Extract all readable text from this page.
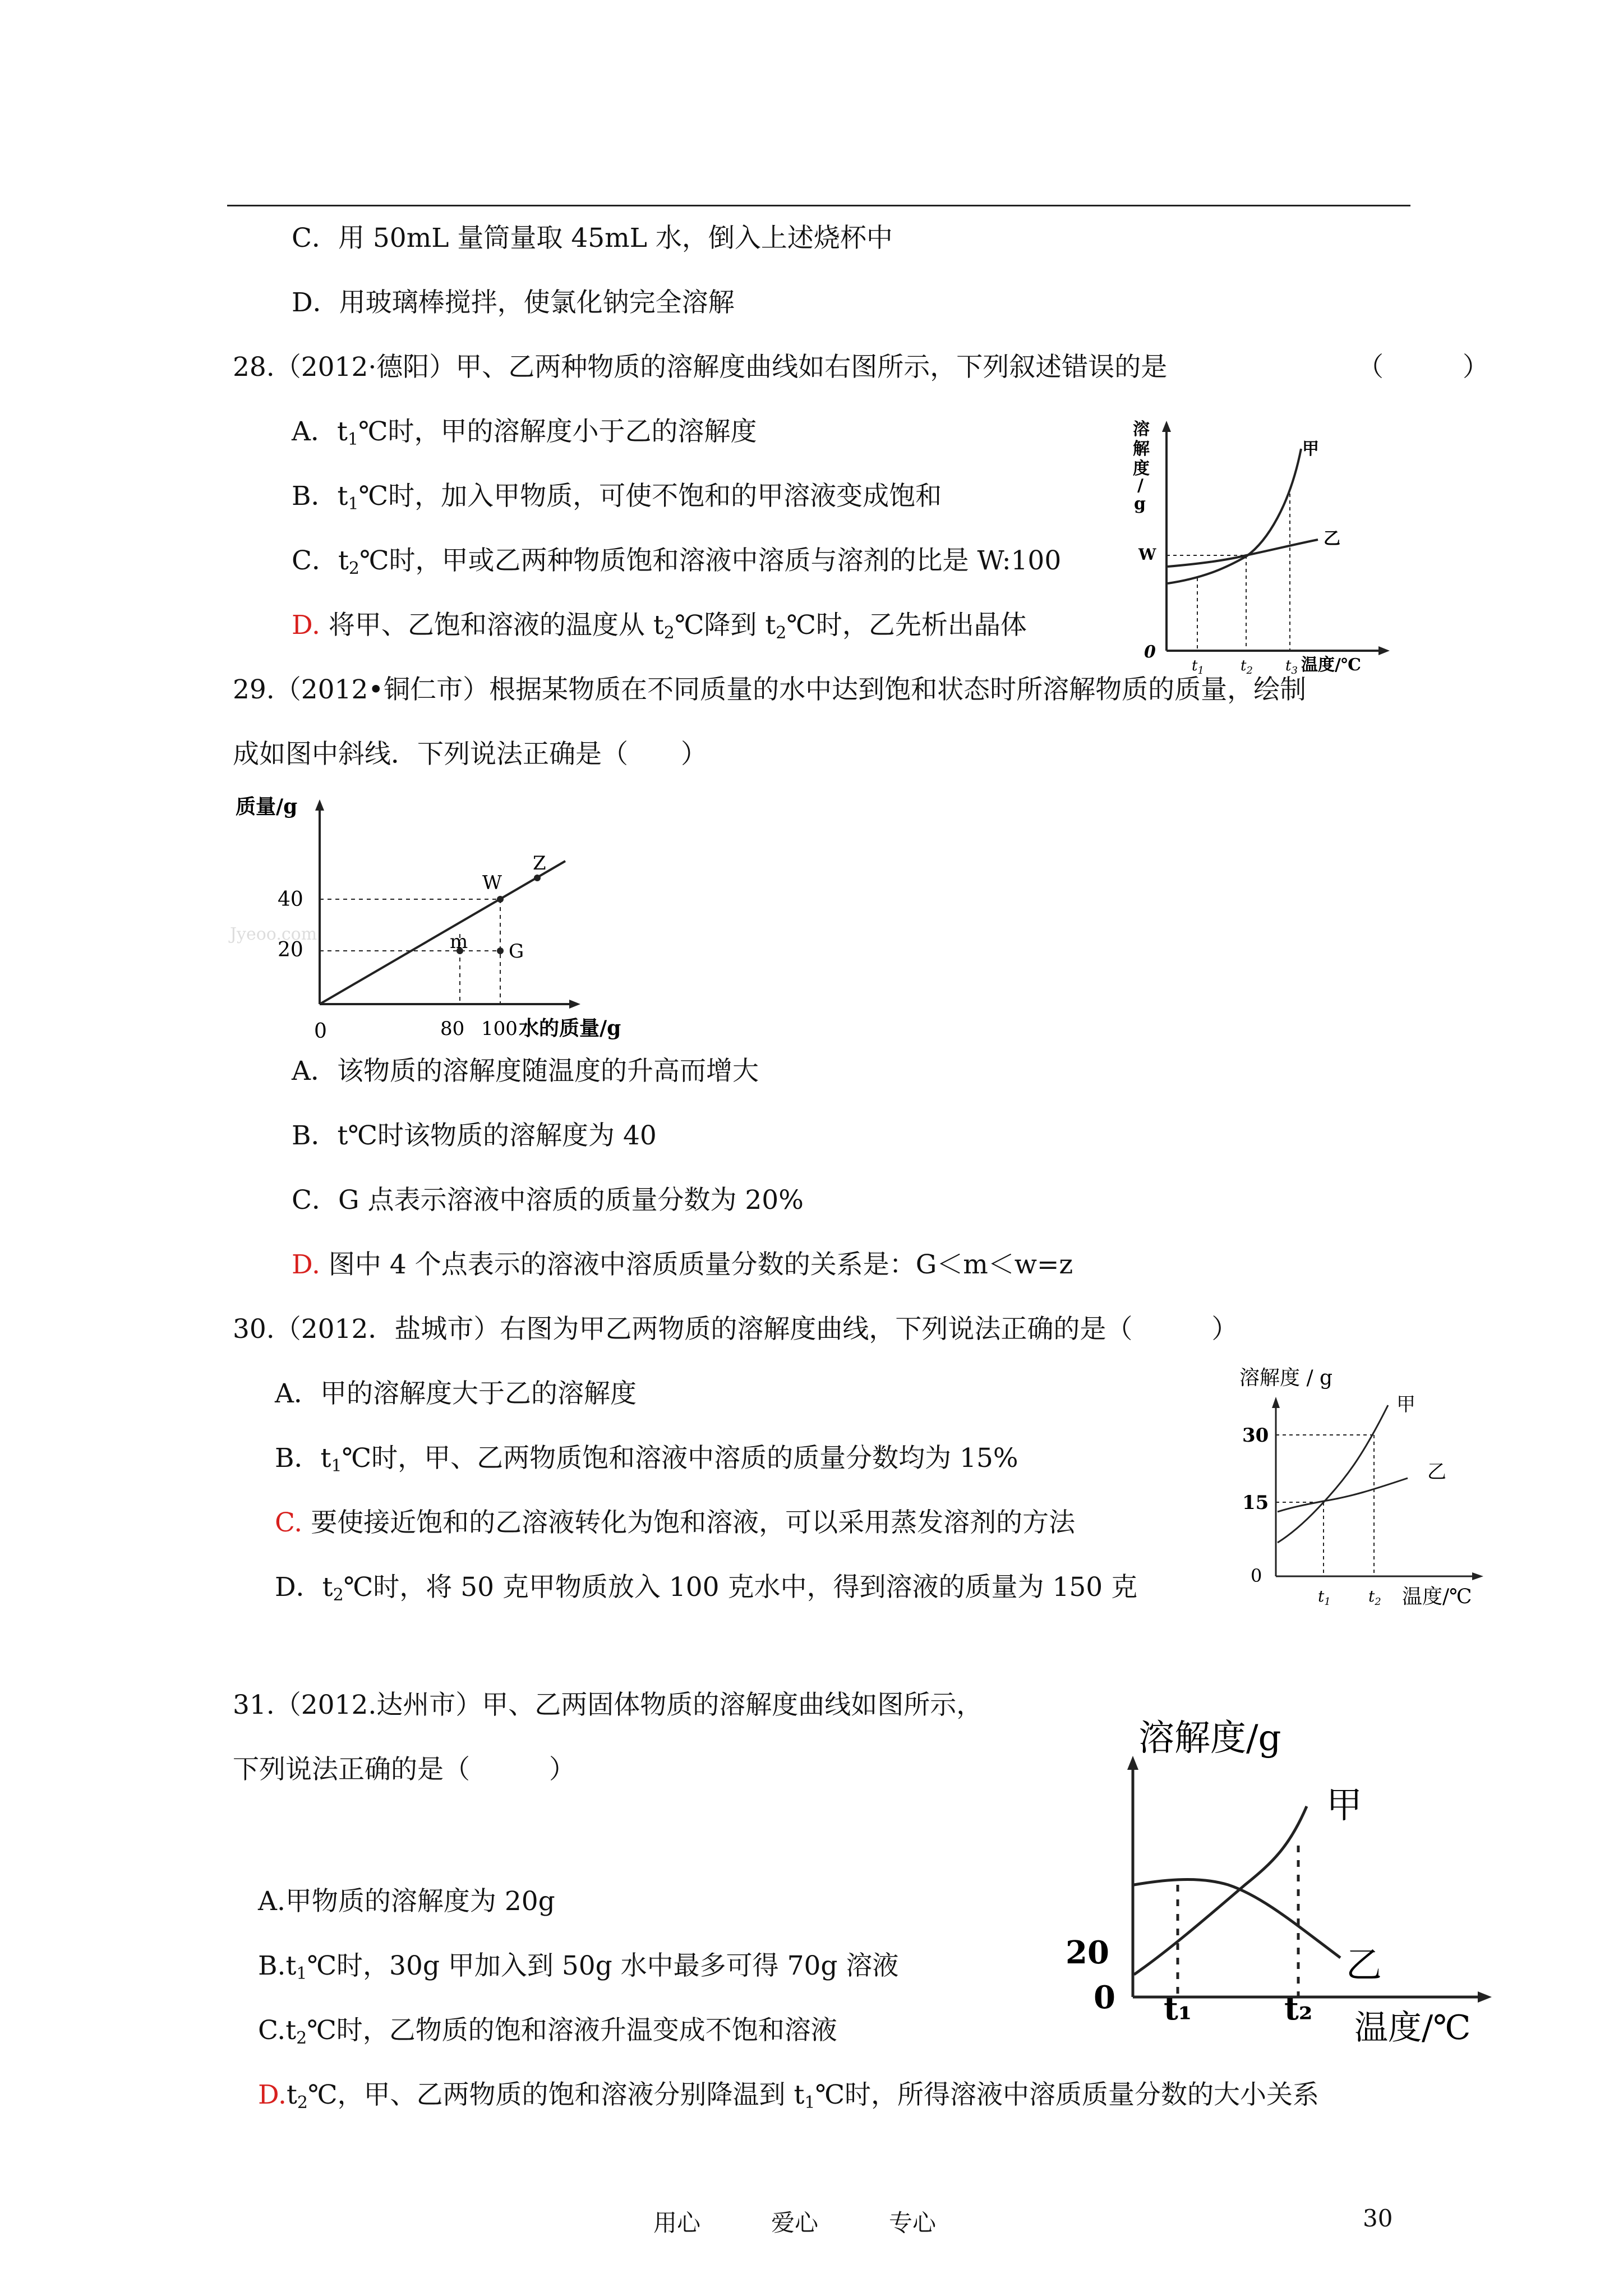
C．用 50mL 量筒量取 45mL 水，倒入上述烧杯中
D．用玻璃棒搅拌，使氯化钠完全溶解
28.（2012·德阳）甲、乙两种物质的溶解度曲线如右图所示，下列叙述错误的是	（　　　）
A．$t_1℃$时，甲的溶解度小于乙的溶解度
B．$t_1℃$时，加入甲物质，可使不饱和的甲溶液变成饱和
C．$t_2℃$时，甲或乙两种物质饱和溶液中溶质与溶剂的比是 W:100
D. 将甲、乙饱和溶液的温度从 $t_2℃$降到 $t_2℃$时，乙先析出晶体
溶
解
度
/
g
W
0
甲
乙
$t_1$	$t_2$ $t_3$ 温度/℃
29.（2012•铜仁市）根据某物质在不同质量的水中达到饱和状态时所溶解物质的质量，绘制
成如图中斜线．下列说法正确是（　　）
质量/g
0
40
20
W
Z
m G
80 100 水的质量/g
Jyeoo.com
A．该物质的溶解度随温度的升高而增大
B．t℃时该物质的溶解度为 40
C．G 点表示溶液中溶质的质量分数为 20%
D. 图中 4 个点表示的溶液中溶质质量分数的关系是：G＜m＜w=z
30.（2012．盐城市）右图为甲乙两物质的溶解度曲线，下列说法正确的是（　　　）
A．甲的溶解度大于乙的溶解度
B．$t_1℃$时，甲、乙两物质饱和溶液中溶质的质量分数均为 15%
C. 要使接近饱和的乙溶液转化为饱和溶液，可以采用蒸发溶剂的方法
D．$t_2℃$时，将 50 克甲物质放入 100 克水中，得到溶液的质量为 150 克
溶解度 / g
30
15
0
甲
乙
$t_1$ $t_2$ 温度/℃
31.（2012.达州市）甲、乙两固体物质的溶解度曲线如图所示，
下列说法正确的是（　　　）
A.甲物质的溶解度为 20g
$B.t_1℃$时，30g 甲加入到 50g 水中最多可得 70g 溶液
$C.t_2℃$时，乙物质的饱和溶液升温变成不饱和溶液
$D.t_2℃$，甲、乙两物质的饱和溶液分别降温到 $t_1℃$时，所得溶液中溶质质量分数的大小关系
溶解度/g
20
0
甲
乙
t₁	t₂ 温度/℃
用心　　　爱心　　　专心	30
